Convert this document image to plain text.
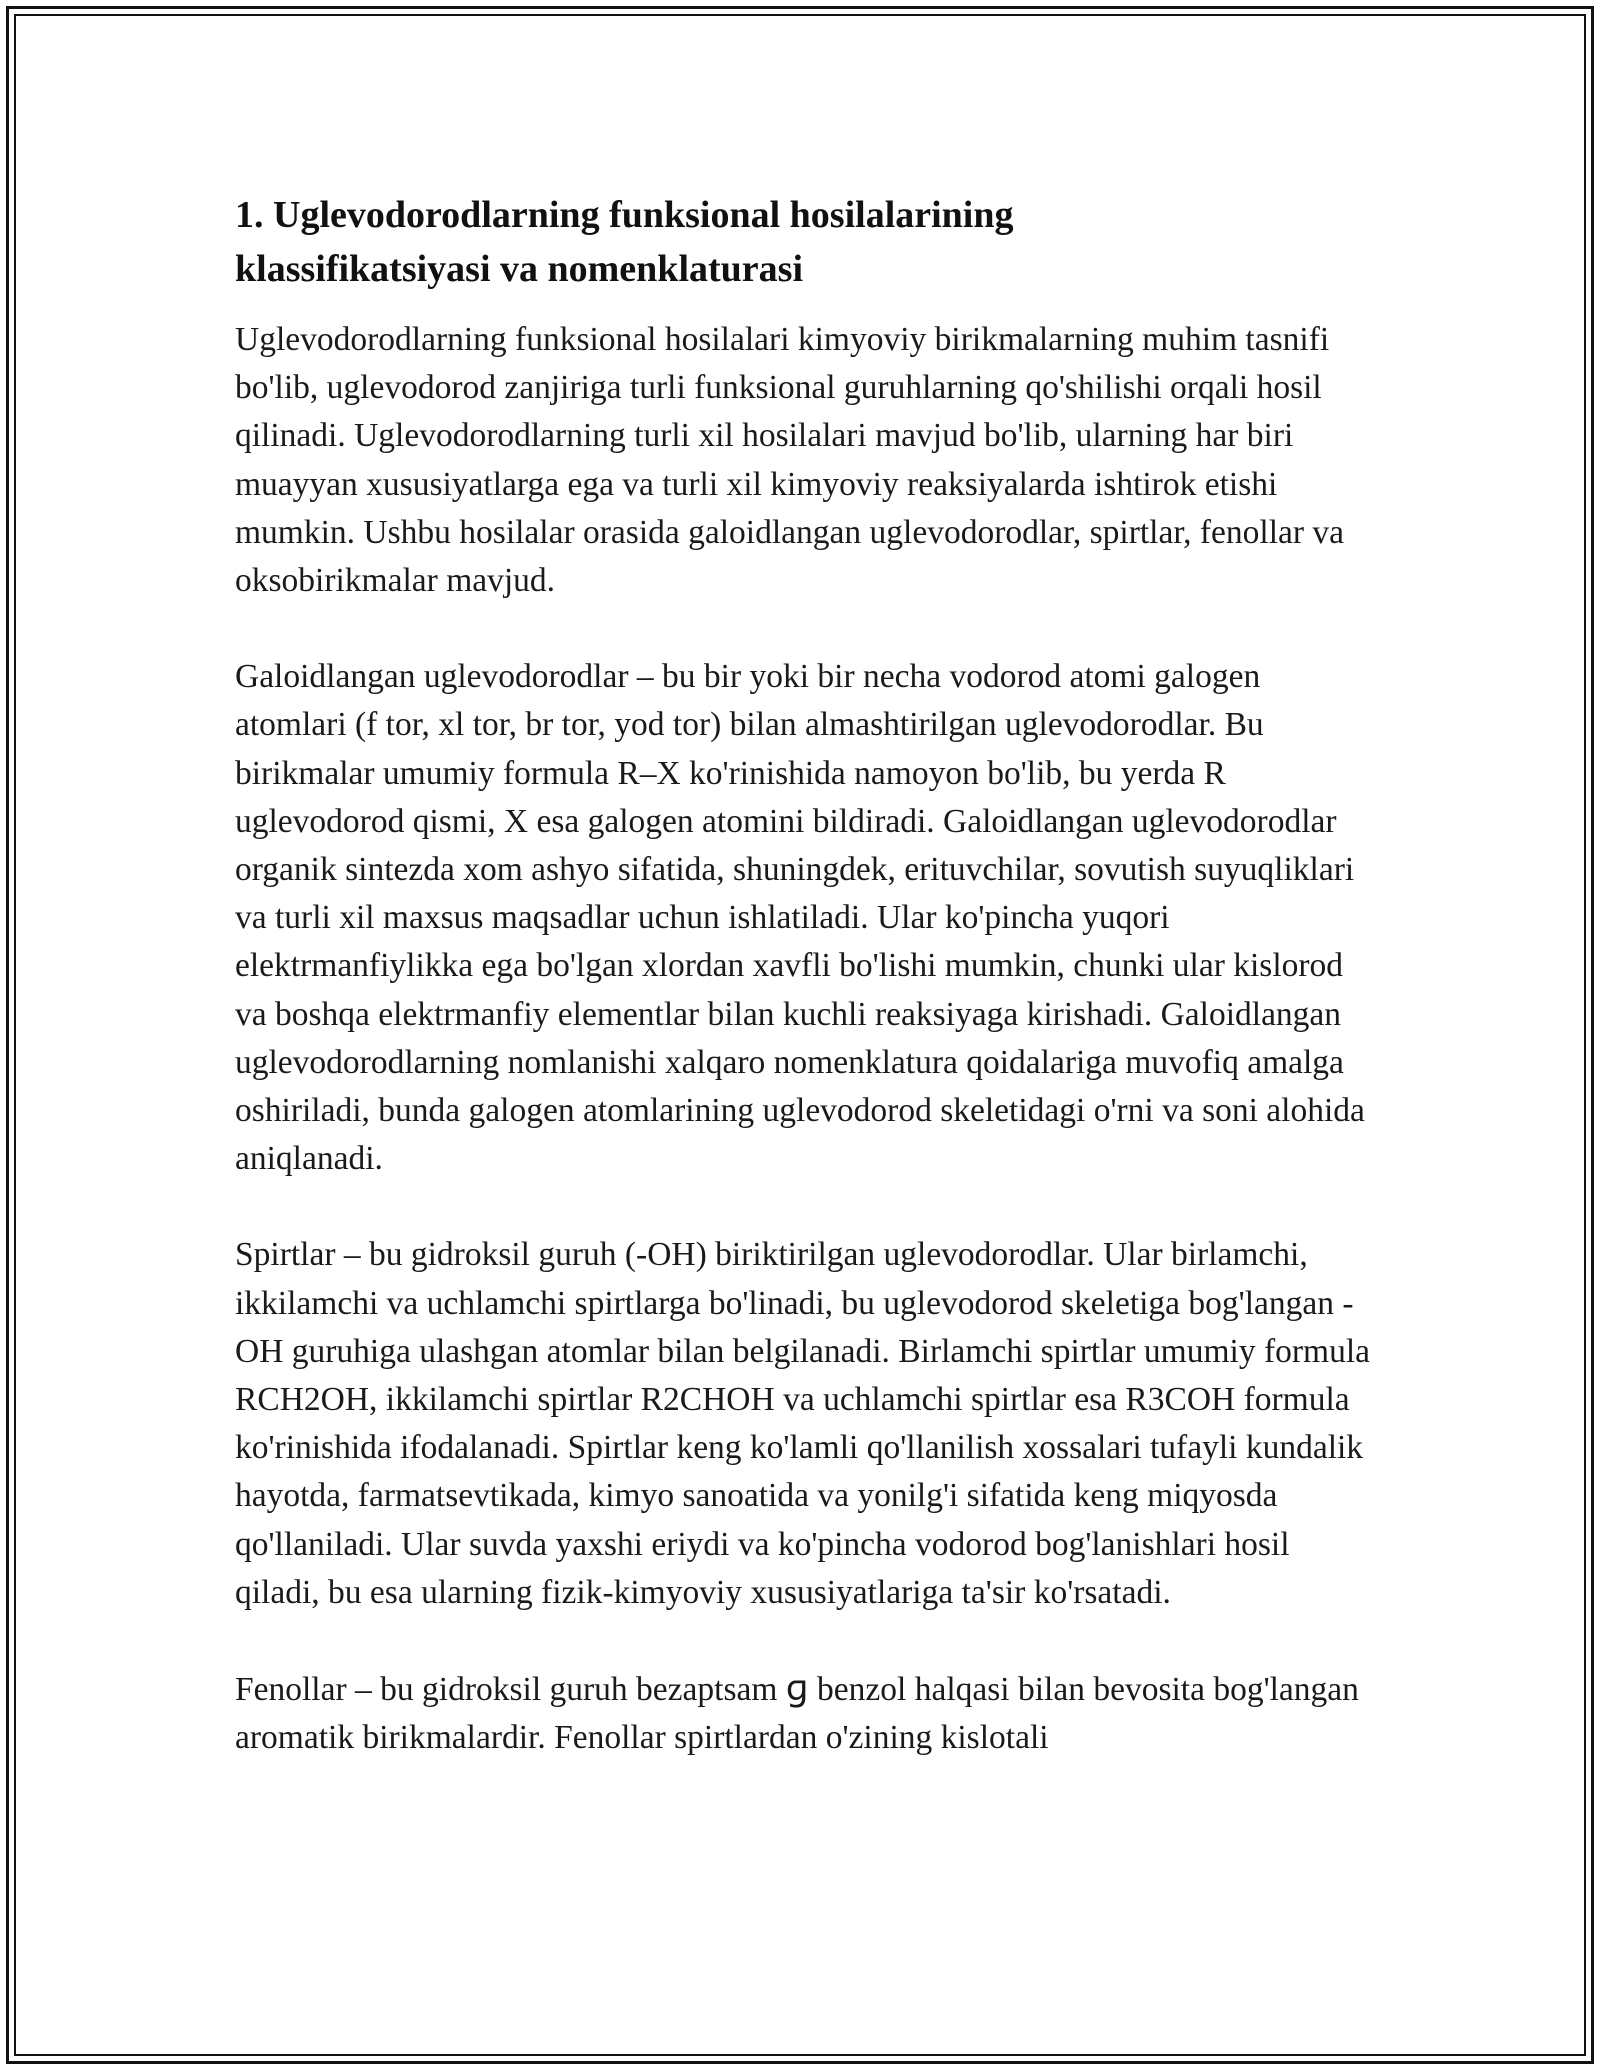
1. Uglevodorodlarning funksional hosilalarining
klassifikatsiyasi va nomenklaturasi

Uglevodorodlarning funksional hosilalari kimyoviy birikmalarning muhim tasnifi bo'lib, uglevodorod zanjiriga turli funksional guruhlarning qo'shilishi orqali hosil qilinadi. Uglevodorodlarning turli xil hosilalari mavjud bo'lib, ularning har biri muayyan xususiyatlarga ega va turli xil kimyoviy reaksiyalarda ishtirok etishi mumkin. Ushbu hosilalar orasida galoidlangan uglevodorodlar, spirtlar, fenollar va oksobirikmalar mavjud.

Galoidlangan uglevodorodlar – bu bir yoki bir necha vodorod atomi galogen atomlari (f tor, xl tor, br tor, yod tor) bilan almashtirilgan uglevodorodlar. Bu birikmalar umumiy formula R–X ko'rinishida namoyon bo'lib, bu yerda R uglevodorod qismi, X esa galogen atomini bildiradi. Galoidlangan uglevodorodlar organik sintezda xom ashyo sifatida, shuningdek, erituvchilar, sovutish suyuqliklari va turli xil maxsus maqsadlar uchun ishlatiladi. Ular ko'pincha yuqori elektrmanfiylikka ega bo'lgan xlordan xavfli bo'lishi mumkin, chunki ular kislorod va boshqa elektrmanfiy elementlar bilan kuchli reaksiyaga kirishadi. Galoidlangan uglevodorodlarning nomlanishi xalqaro nomenklatura qoidalariga muvofiq amalga oshiriladi, bunda galogen atomlarining uglevodorod skeletidagi o'rni va soni alohida aniqlanadi.

Spirtlar – bu gidroksil guruh (-OH) biriktirilgan uglevodorodlar. Ular birlamchi, ikkilamchi va uchlamchi spirtlarga bo'linadi, bu uglevodorod skeletiga bog'langan -OH guruhiga ulashgan atomlar bilan belgilanadi. Birlamchi spirtlar umumiy formula RCH2OH, ikkilamchi spirtlar R2CHOH va uchlamchi spirtlar esa R3COH formula ko'rinishida ifodalanadi. Spirtlar keng ko'lamli qo'llanilish xossalari tufayli kundalik hayotda, farmatsevtikada, kimyo sanoatida va yonilg'i sifatida keng miqyosda qo'llaniladi. Ular suvda yaxshi eriydi va ko'pincha vodorod bog'lanishlari hosil qiladi, bu esa ularning fizik-kimyoviy xususiyatlariga ta'sir ko'rsatadi.

Fenollar – bu gidroksil guruh bezaptsam ɡ benzol halqasi bilan bevosita bog'langan aromatik birikmalardir. Fenollar spirtlardan o'zining kislotali
